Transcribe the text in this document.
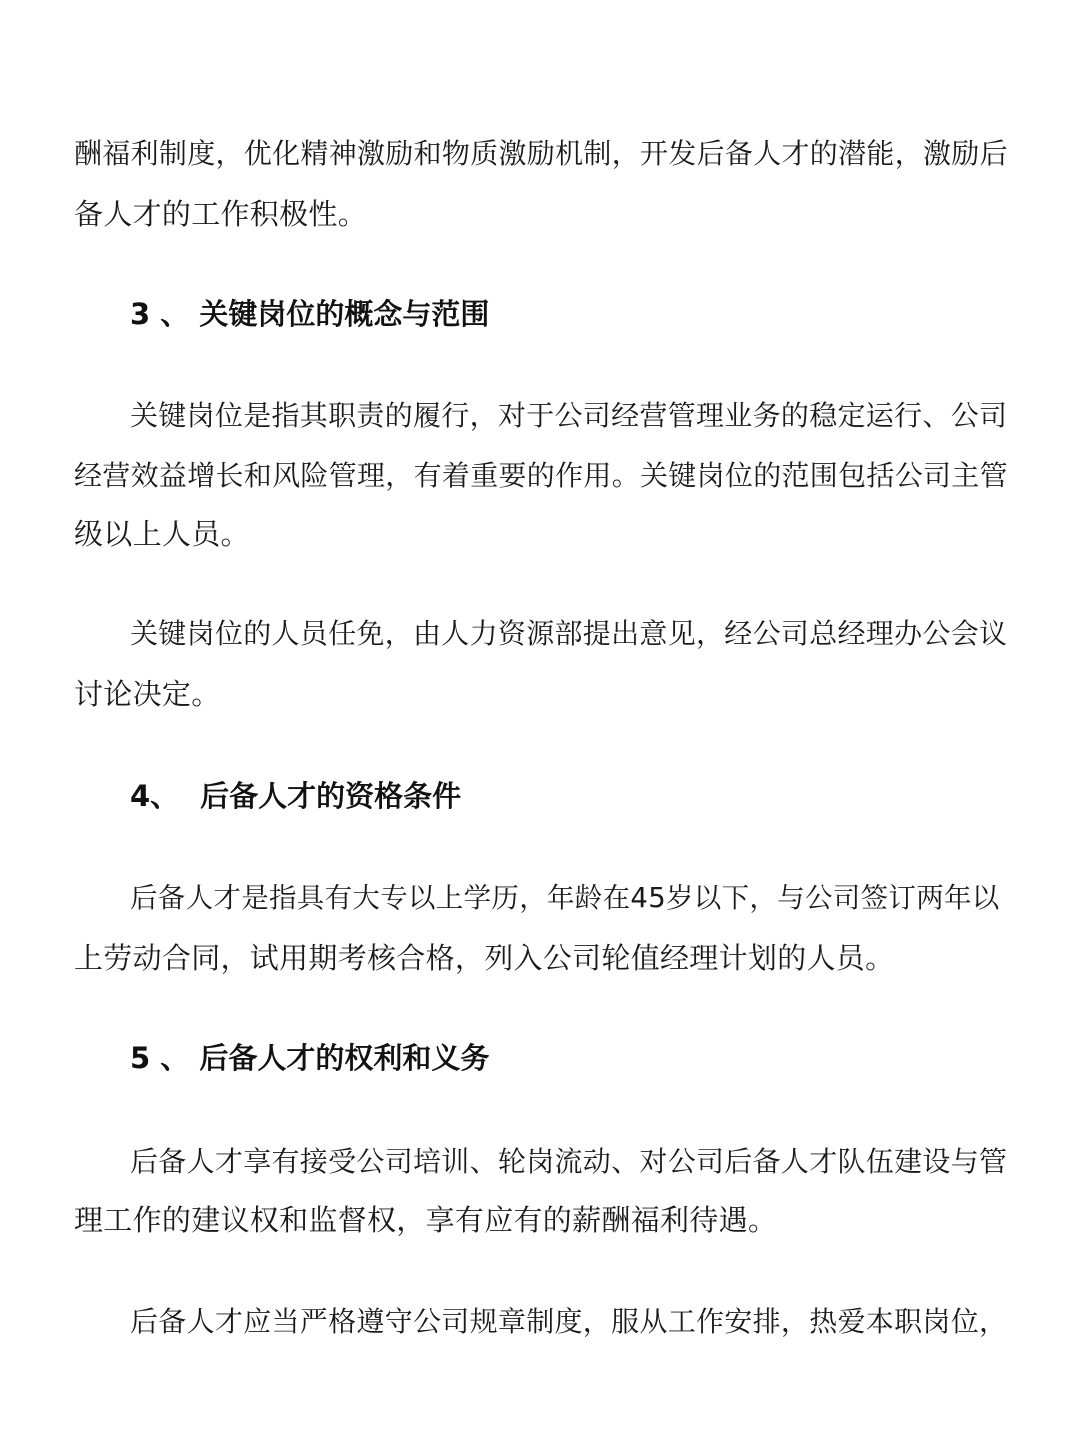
酬福利制度，优化精神激励和物质激励机制，开发后备人才的潜能，激励后
备人才的工作积极性。
3 、 关键岗位的概念与范围
关键岗位是指其职责的履行，对于公司经营管理业务的稳定运行、公司
经营效益增长和风险管理，有着重要的作用。关键岗位的范围包括公司主管
级以上人员。
关键岗位的人员任免，由人力资源部提出意见，经公司总经理办公会议
讨论决定。
4、 后备人才的资格条件
后备人才是指具有大专以上学历，年龄在45岁以下，与公司签订两年以
上劳动合同，试用期考核合格，列入公司轮值经理计划的人员。
5 、 后备人才的权利和义务
后备人才享有接受公司培训、轮岗流动、对公司后备人才队伍建设与管
理工作的建议权和监督权，享有应有的薪酬福利待遇。
后备人才应当严格遵守公司规章制度，服从工作安排，热爱本职岗位，
